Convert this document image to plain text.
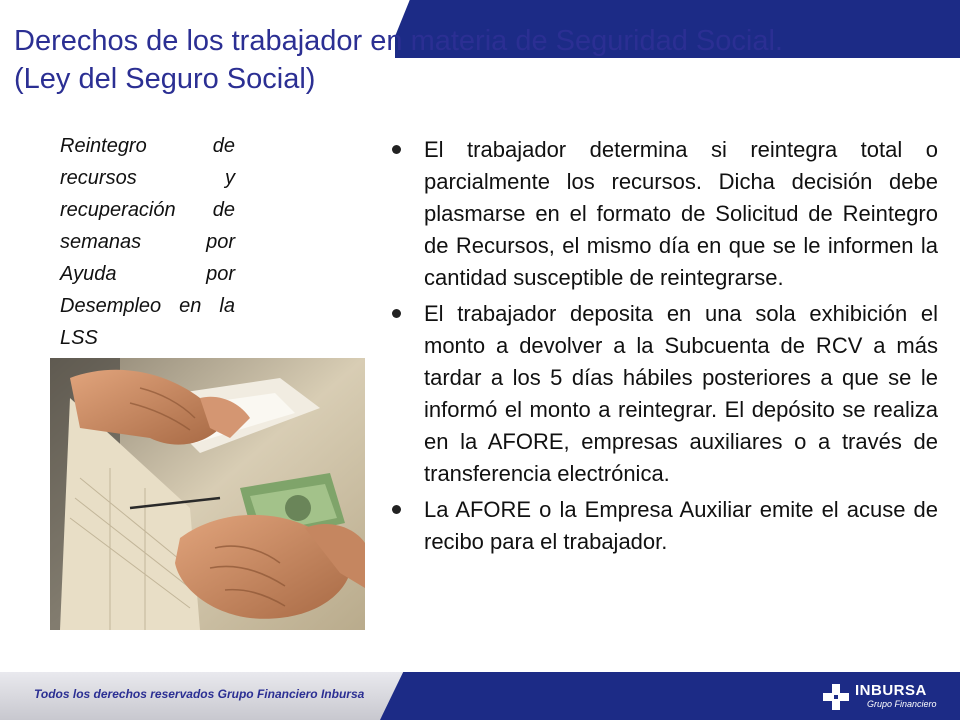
Derechos de los trabajador en materia de Seguridad Social.
(Ley del Seguro Social)

Reintegro de recursos y recuperación de semanas por Ayuda por Desempleo en la LSS

El trabajador determina si reintegra total o parcialmente los recursos. Dicha decisión debe plasmarse en el formato de Solicitud de Reintegro de Recursos, el mismo día en que se le informen la cantidad susceptible de reintegrarse.
El trabajador deposita en una sola exhibición el monto a devolver a la Subcuenta de RCV a más tardar a los 5 días hábiles posteriores a que se le informó el monto a reintegrar. El depósito se realiza en la AFORE, empresas auxiliares o a través de transferencia electrónica.
La AFORE o la Empresa Auxiliar emite el acuse de recibo para el trabajador.
Todos los derechos reservados Grupo Financiero Inbursa	INBURSA
Grupo Financiero
